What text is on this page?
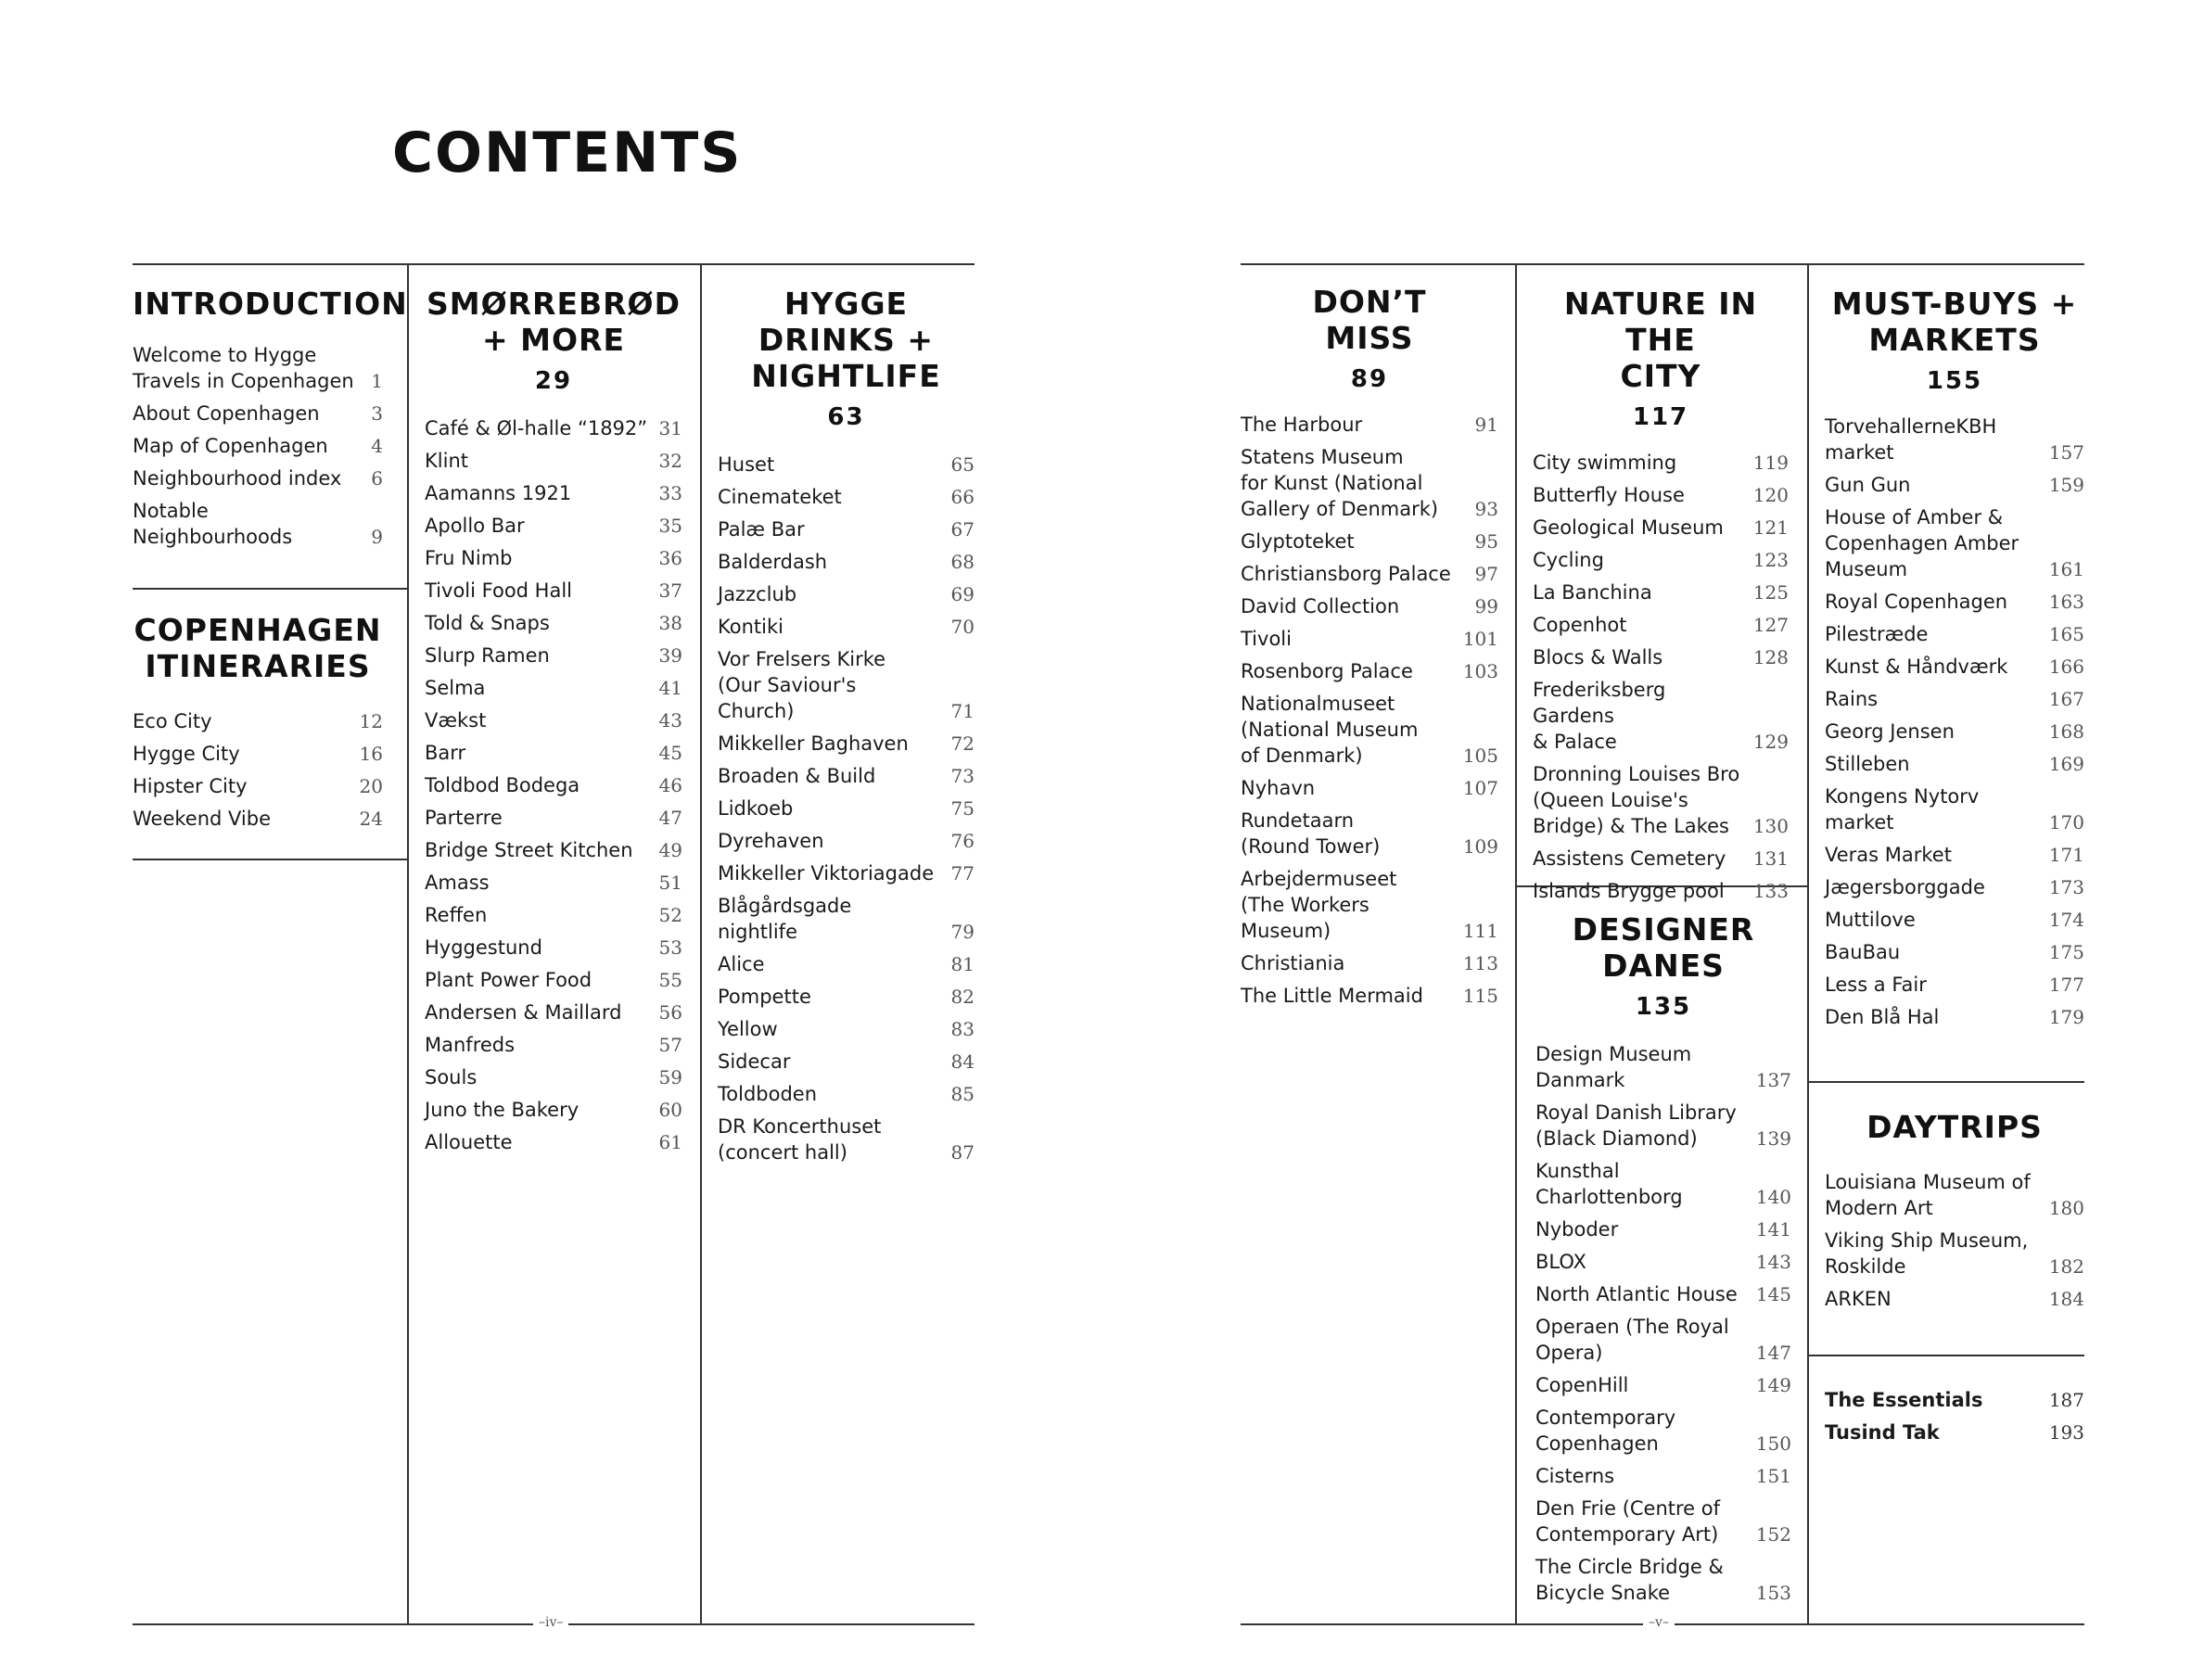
CONTENTS
–iv–	–v–
INTRODUCTION
Welcome to Hygge
Travels in Copenhagen 1
About Copenhagen	3
Map of Copenhagen	4
Neighbourhood index	6
Notable
Neighbourhoods	9
COPENHAGEN
ITINERARIES
Eco City	12
Hygge City	16
Hipster City	20
Weekend Vibe	24
SMØRREBRØD
+ MORE
29
Café & Øl-halle “1892” 31
Klint	32
Aamanns 1921	33
Apollo Bar	35
Fru Nimb	36
Tivoli Food Hall	37
Told & Snaps	38
Slurp Ramen	39
Selma	41
Vækst	43
Barr	45
Toldbod Bodega	46
Parterre	47
Bridge Street Kitchen	49
Amass	51
Reffen	52
Hyggestund	53
Plant Power Food	55
Andersen & Maillard	56
Manfreds	57
Souls	59
Juno the Bakery	60
Allouette	61
HYGGE DRINKS +
NIGHTLIFE
63
Huset	65
Cinemateket	66
Palæ Bar	67
Balderdash	68
Jazzclub	69
Kontiki	70
Vor Frelsers Kirke
(Our Saviour's
Church)	71
Mikkeller Baghaven	72
Broaden & Build	73
Lidkoeb	75
Dyrehaven	76
Mikkeller Viktoriagade 77
Blågårdsgade
nightlife	79
Alice	81
Pompette	82
Yellow	83
Sidecar	84
Toldboden	85
DR Koncerthuset
(concert hall)	87
DON’T
MISS
89
The Harbour	91
Statens Museum
for Kunst (National
Gallery of Denmark)	93
Glyptoteket	95
Christiansborg Palace	97
David Collection	99
Tivoli	101
Rosenborg Palace	103
Nationalmuseet
(National Museum
of Denmark)	105
Nyhavn	107
Rundetaarn
(Round Tower)	109
Arbejdermuseet
(The Workers
Museum)	111
Christiania	113
The Little Mermaid	115
NATURE IN THE
CITY
117
City swimming	119
Butterfly House	120
Geological Museum	121
Cycling	123
La Banchina	125
Copenhot	127
Blocs & Walls	128
Frederiksberg Gardens
& Palace	129
Dronning Louises Bro
(Queen Louise's
Bridge) & The Lakes	130
Assistens Cemetery	131
Islands Brygge pool	133
DESIGNER
DANES
135
Design Museum
Danmark	137
Royal Danish Library
(Black Diamond)	139
Kunsthal Charlottenborg	140
Nyboder	141
BLOX	143
North Atlantic House	145
Operaen (The Royal
Opera)	147
CopenHill	149
Contemporary
Copenhagen	150
Cisterns	151
Den Frie (Centre of
Contemporary Art)	152
The Circle Bridge &
Bicycle Snake	153
MUST-BUYS +
MARKETS
155
TorvehallerneKBH
market	157
Gun Gun	159
House of Amber &
Copenhagen Amber
Museum	161
Royal Copenhagen	163
Pilestræde	165
Kunst & Håndværk	166
Rains	167
Georg Jensen	168
Stilleben	169
Kongens Nytorv
market	170
Veras Market	171
Jægersborggade	173
Muttilove	174
BauBau	175
Less a Fair	177
Den Blå Hal	179
DAYTRIPS
Louisiana Museum of
Modern Art	180
Viking Ship Museum,
Roskilde	182
ARKEN	184
The Essentials	187
Tusind Tak	193
